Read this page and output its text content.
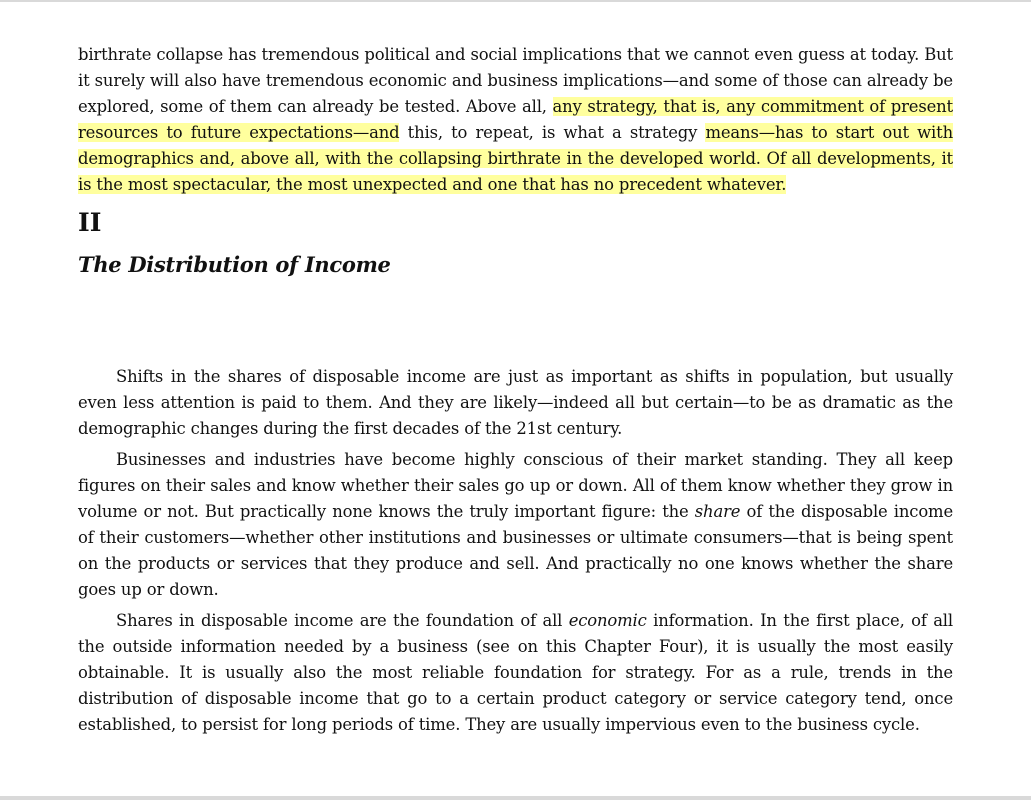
birthrate collapse has tremendous political and social implications that we cannot even guess at today. But it surely will also have tremendous economic and business implications—and some of those can already be explored, some of them can already be tested. Above all, any strategy, that is, any commitment of present resources to future expectations—and this, to repeat, is what a strategy means—has to start out with demographics and, above all, with the collapsing birthrate in the developed world. Of all developments, it is the most spectacular, the most unexpected and one that has no precedent whatever.

II
The Distribution of Income

Shifts in the shares of disposable income are just as important as shifts in population, but usually even less attention is paid to them. And they are likely—indeed all but certain—to be as dramatic as the demographic changes during the first decades of the 21st century.

Businesses and industries have become highly conscious of their market standing. They all keep figures on their sales and know whether their sales go up or down. All of them know whether they grow in volume or not. But practically none knows the truly important figure: the share of the disposable income of their customers—whether other institutions and businesses or ultimate consumers—that is being spent on the products or services that they produce and sell. And practically no one knows whether the share goes up or down.

Shares in disposable income are the foundation of all economic information. In the first place, of all the outside information needed by a business (see on this Chapter Four), it is usually the most easily obtainable. It is usually also the most reliable foundation for strategy. For as a rule, trends in the distribution of disposable income that go to a certain product category or service category tend, once established, to persist for long periods of time. They are usually impervious even to the business cycle.
